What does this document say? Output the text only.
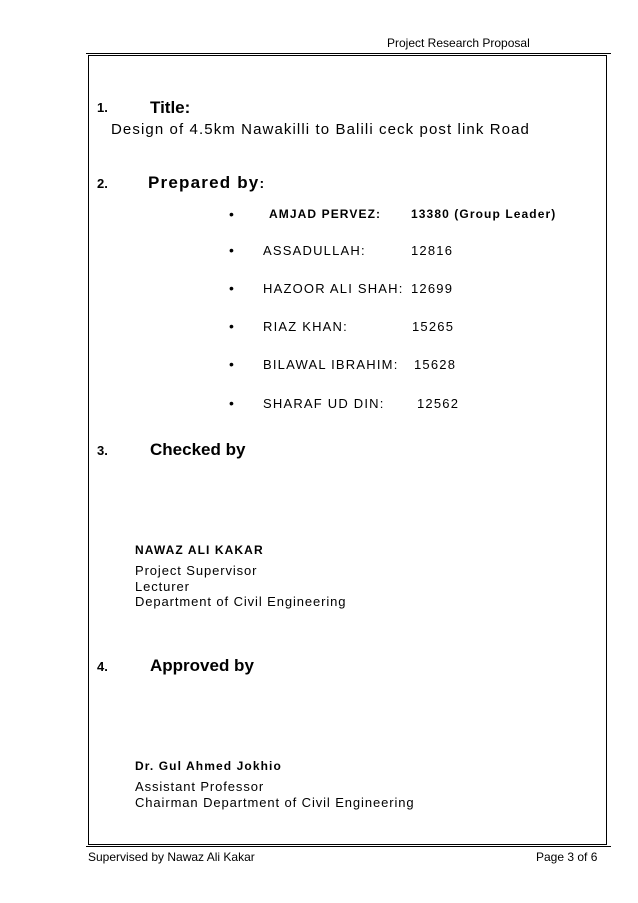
Project Research Proposal
1. Title:
Design of 4.5km Nawakilli to Balili ceck post link Road
2. Prepared by:
•	AMJAD PERVEZ: 13380 (Group Leader)
• ASSADULLAH:	12816
• HAZOOR ALI SHAH: 12699
• RIAZ KHAN:	15265
• BILAWAL IBRAHIM: 15628
• SHARAF UD DIN: 12562
3. Checked by
NAWAZ ALI KAKAR
Project Supervisor
Lecturer
Department of Civil Engineering
4. Approved by
Dr. Gul Ahmed Jokhio
Assistant Professor
Chairman Department of Civil Engineering
Supervised by Nawaz Ali Kakar	Page 3 of 6
